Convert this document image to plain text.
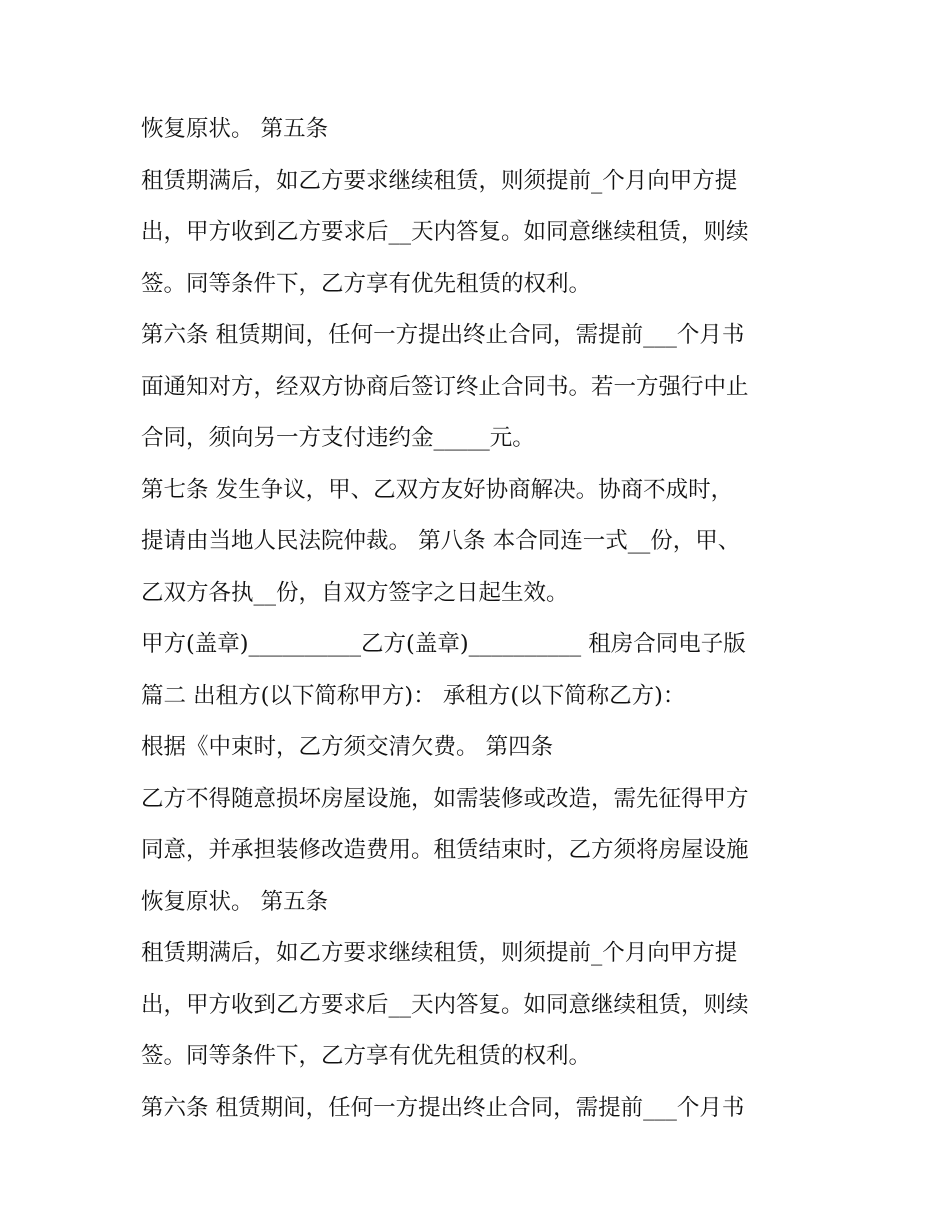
恢复原状。 第五条
租赁期满后，如乙方要求继续租赁，则须提前_个月向甲方提
出，甲方收到乙方要求后__天内答复。如同意继续租赁，则续
签。同等条件下，乙方享有优先租赁的权利。
第六条 租赁期间，任何一方提出终止合同，需提前___个月书
面通知对方，经双方协商后签订终止合同书。若一方强行中止
合同，须向另一方支付违约金_____元。
第七条 发生争议，甲、乙双方友好协商解决。协商不成时，
提请由当地人民法院仲裁。 第八条 本合同连一式__份，甲、
乙双方各执__份，自双方签字之日起生效。
甲方(盖章)__________乙方(盖章)__________ 租房合同电子版
篇二 出租方(以下简称甲方)： 承租方(以下简称乙方)：
根据《中束时，乙方须交清欠费。 第四条
乙方不得随意损坏房屋设施，如需装修或改造，需先征得甲方
同意，并承担装修改造费用。租赁结束时，乙方须将房屋设施
恢复原状。 第五条
租赁期满后，如乙方要求继续租赁，则须提前_个月向甲方提
出，甲方收到乙方要求后__天内答复。如同意继续租赁，则续
签。同等条件下，乙方享有优先租赁的权利。
第六条 租赁期间，任何一方提出终止合同，需提前___个月书
